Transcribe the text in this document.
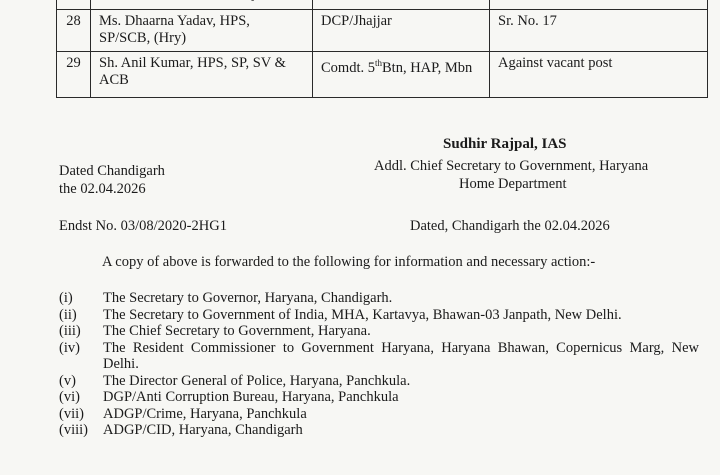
28	Ms. Dhaarna Yadav, HPS, SP/SCB, (Hry)	DCP/Jhajjar	Sr. No. 17
29	Sh. Anil Kumar, HPS, SP, SV & ACB	Comdt. 5thBtn, HAP, Mbn	Against vacant post
Sudhir Rajpal, IAS
Addl. Chief Secretary to Government, Haryana
Home Department
Dated Chandigarh
the 02.04.2026
Endst No. 03/08/2020-2HG1	Dated, Chandigarh the 02.04.2026
A copy of above is forwarded to the following for information and necessary action:-
(i)	The Secretary to Governor, Haryana, Chandigarh.
(ii)	The Secretary to Government of India, MHA, Kartavya, Bhawan-03 Janpath, New Delhi.
(iii)	The Chief Secretary to Government, Haryana.
(iv)	The Resident Commissioner to Government Haryana, Haryana Bhawan, Copernicus Marg, New Delhi.
(v)	The Director General of Police, Haryana, Panchkula.
(vi)	DGP/Anti Corruption Bureau, Haryana, Panchkula
(vii)	ADGP/Crime, Haryana, Panchkula
(viii)	ADGP/CID, Haryana, Chandigarh
